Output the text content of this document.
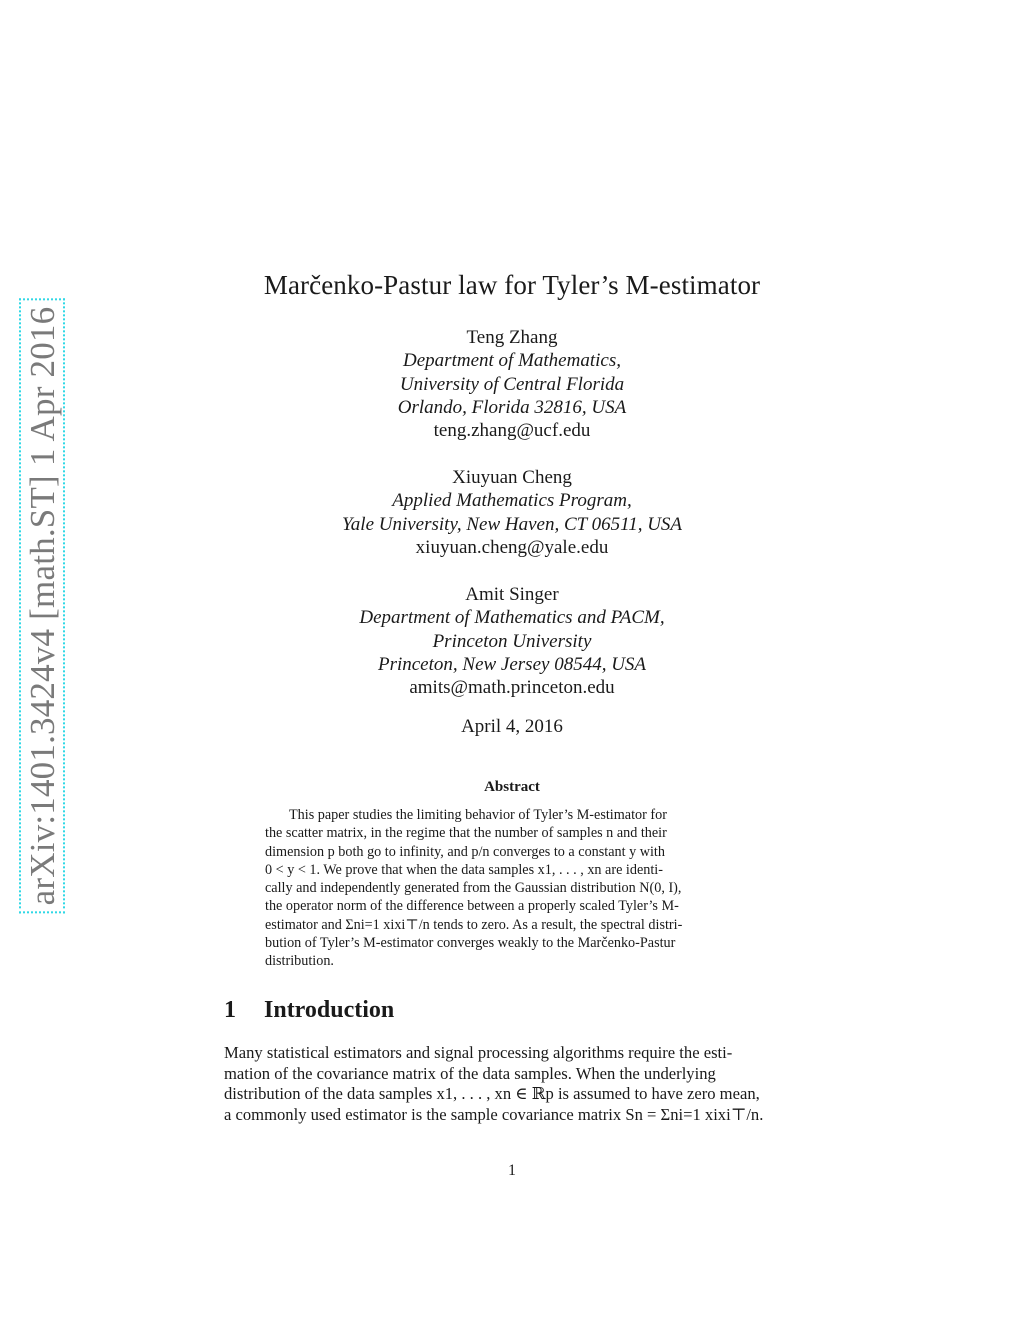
arXiv:1401.3424v4 [math.ST] 1 Apr 2016
Marčenko-Pastur law for Tyler’s M-estimator
Teng Zhang
Department of Mathematics,
University of Central Florida
Orlando, Florida 32816, USA
teng.zhang@ucf.edu
Xiuyuan Cheng
Applied Mathematics Program,
Yale University, New Haven, CT 06511, USA
xiuyuan.cheng@yale.edu
Amit Singer
Department of Mathematics and PACM,
Princeton University
Princeton, New Jersey 08544, USA
amits@math.princeton.edu
April 4, 2016
Abstract
This paper studies the limiting behavior of Tyler’s M-estimator for
the scatter matrix, in the regime that the number of samples n and their
dimension p both go to infinity, and p/n converges to a constant y with
0 < y < 1. We prove that when the data samples x1, . . . , xn are identi-
cally and independently generated from the Gaussian distribution N(0, I),
the operator norm of the difference between a properly scaled Tyler’s M-
estimator and Σni=1 xixi⊤/n tends to zero. As a result, the spectral distri-
bution of Tyler’s M-estimator converges weakly to the Marčenko-Pastur
distribution.
1 Introduction
Many statistical estimators and signal processing algorithms require the esti-
mation of the covariance matrix of the data samples. When the underlying
distribution of the data samples x1, . . . , xn ∈ ℝp is assumed to have zero mean,
a commonly used estimator is the sample covariance matrix Sn = Σni=1 xixi⊤/n.
1
